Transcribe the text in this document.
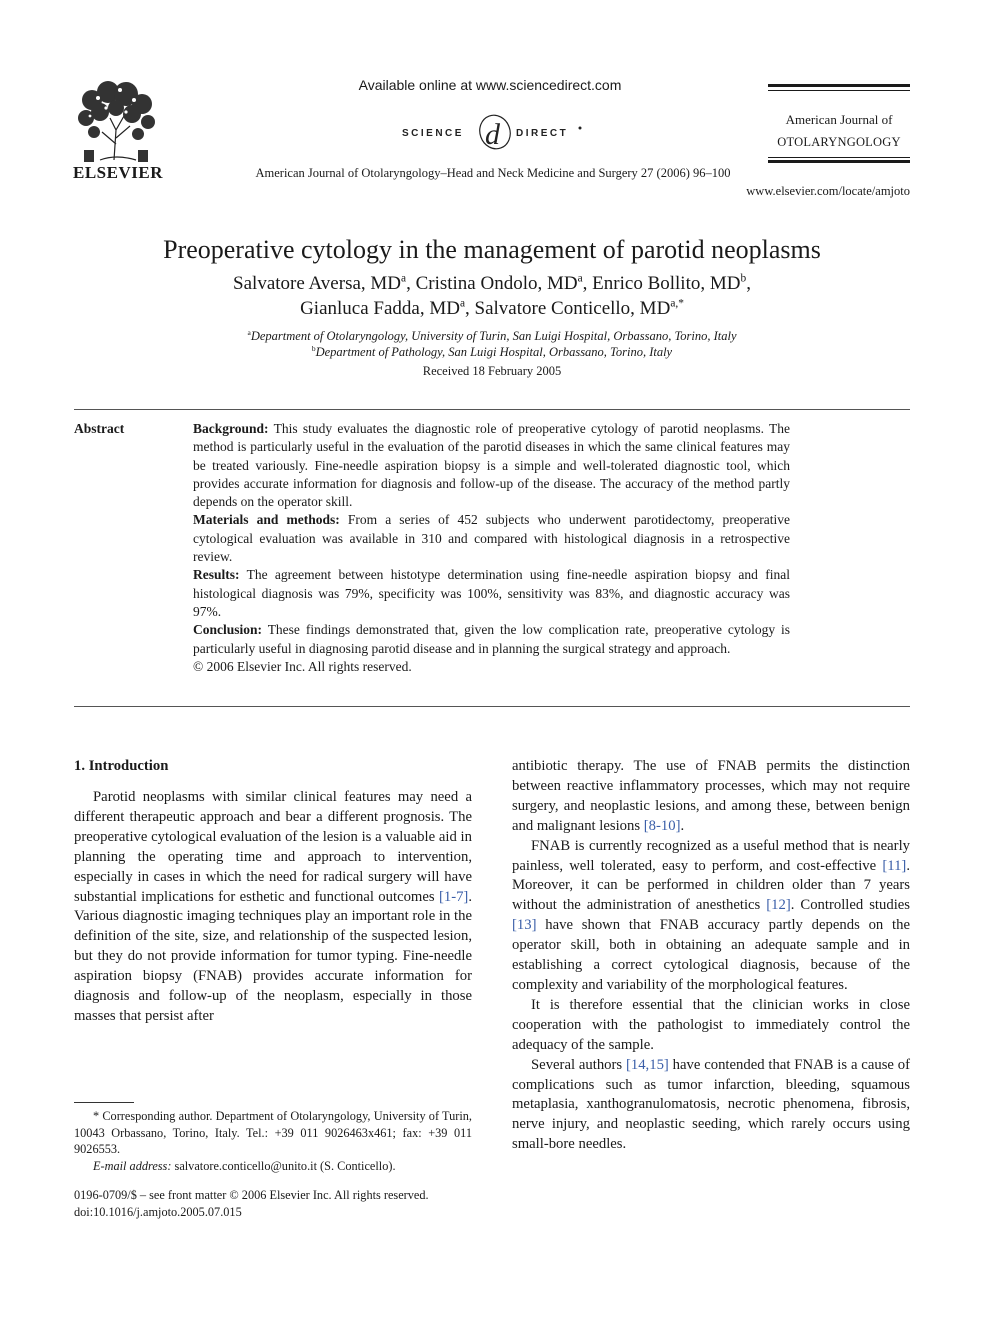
ELSEVIER
Available online at www.sciencedirect.com
SCIENCE d DIRECT
American Journal of Otolaryngology–Head and Neck Medicine and Surgery 27 (2006) 96–100
American Journal of
OTOLARYNGOLOGY
www.elsevier.com/locate/amjoto
Preoperative cytology in the management of parotid neoplasms
Salvatore Aversa, $MD^a$, Cristina Ondolo, $MD^a$, Enrico Bollito, $MD^b$,
Gianluca Fadda, $MD^a$, Salvatore Conticello, $MD^{a,*}$
$^a$Department of Otolaryngology, University of Turin, San Luigi Hospital, Orbassano, Torino, Italy
$^b$Department of Pathology, San Luigi Hospital, Orbassano, Torino, Italy
Received 18 February 2005
Abstract	Background: This study evaluates the diagnostic role of preoperative cytology of parotid neoplasms. The method is particularly useful in the evaluation of the parotid diseases in which the same clinical features may be treated variously. Fine-needle aspiration biopsy is a simple and well-tolerated diagnostic tool, which provides accurate information for diagnosis and follow-up of the disease. The accuracy of the method partly depends on the operator skill.

Materials and methods: From a series of 452 subjects who underwent parotidectomy, preoperative cytological evaluation was available in 310 and compared with histological diagnosis in a retrospective review.

Results: The agreement between histotype determination using fine-needle aspiration biopsy and final histological diagnosis was 79%, specificity was 100%, sensitivity was 83%, and diagnostic accuracy was 97%.

Conclusion: These findings demonstrated that, given the low complication rate, preoperative cytology is particularly useful in diagnosing parotid disease and in planning the surgical strategy and approach.

© 2006 Elsevier Inc. All rights reserved.

1. Introduction

Parotid neoplasms with similar clinical features may need a different therapeutic approach and bear a different prognosis. The preoperative cytological evaluation of the lesion is a valuable aid in planning the operating time and approach to intervention, especially in cases in which the need for radical surgery will have substantial implications for esthetic and functional outcomes [1-7]. Various diagnostic imaging techniques play an important role in the definition of the site, size, and relationship of the suspected lesion, but they do not provide information for tumor typing. Fine-needle aspiration biopsy (FNAB) provides accurate information for diagnosis and follow-up of the neoplasm, especially in those masses that persist after

antibiotic therapy. The use of FNAB permits the distinction between reactive inflammatory processes, which may not require surgery, and neoplastic lesions, and among these, between benign and malignant lesions [8-10].

FNAB is currently recognized as a useful method that is nearly painless, well tolerated, easy to perform, and cost-effective [11]. Moreover, it can be performed in children older than 7 years without the administration of anesthetics [12]. Controlled studies [13] have shown that FNAB accuracy partly depends on the operator skill, both in obtaining an adequate sample and in establishing a correct cytological diagnosis, because of the complexity and variability of the morphological features.

It is therefore essential that the clinician works in close cooperation with the pathologist to immediately control the adequacy of the sample.

Several authors [14,15] have contended that FNAB is a cause of complications such as tumor infarction, bleeding, squamous metaplasia, xanthogranulomatosis, necrotic phenomena, fibrosis, nerve injury, and neoplastic seeding, which rarely occurs using small-bore needles.

* Corresponding author. Department of Otolaryngology, University of Turin, 10043 Orbassano, Torino, Italy. Tel.: +39 011 9026463x461; fax: +39 011 9026553.

E-mail address: salvatore.conticello@unito.it (S. Conticello).

0196-0709/$ – see front matter © 2006 Elsevier Inc. All rights reserved.

doi:10.1016/j.amjoto.2005.07.015
